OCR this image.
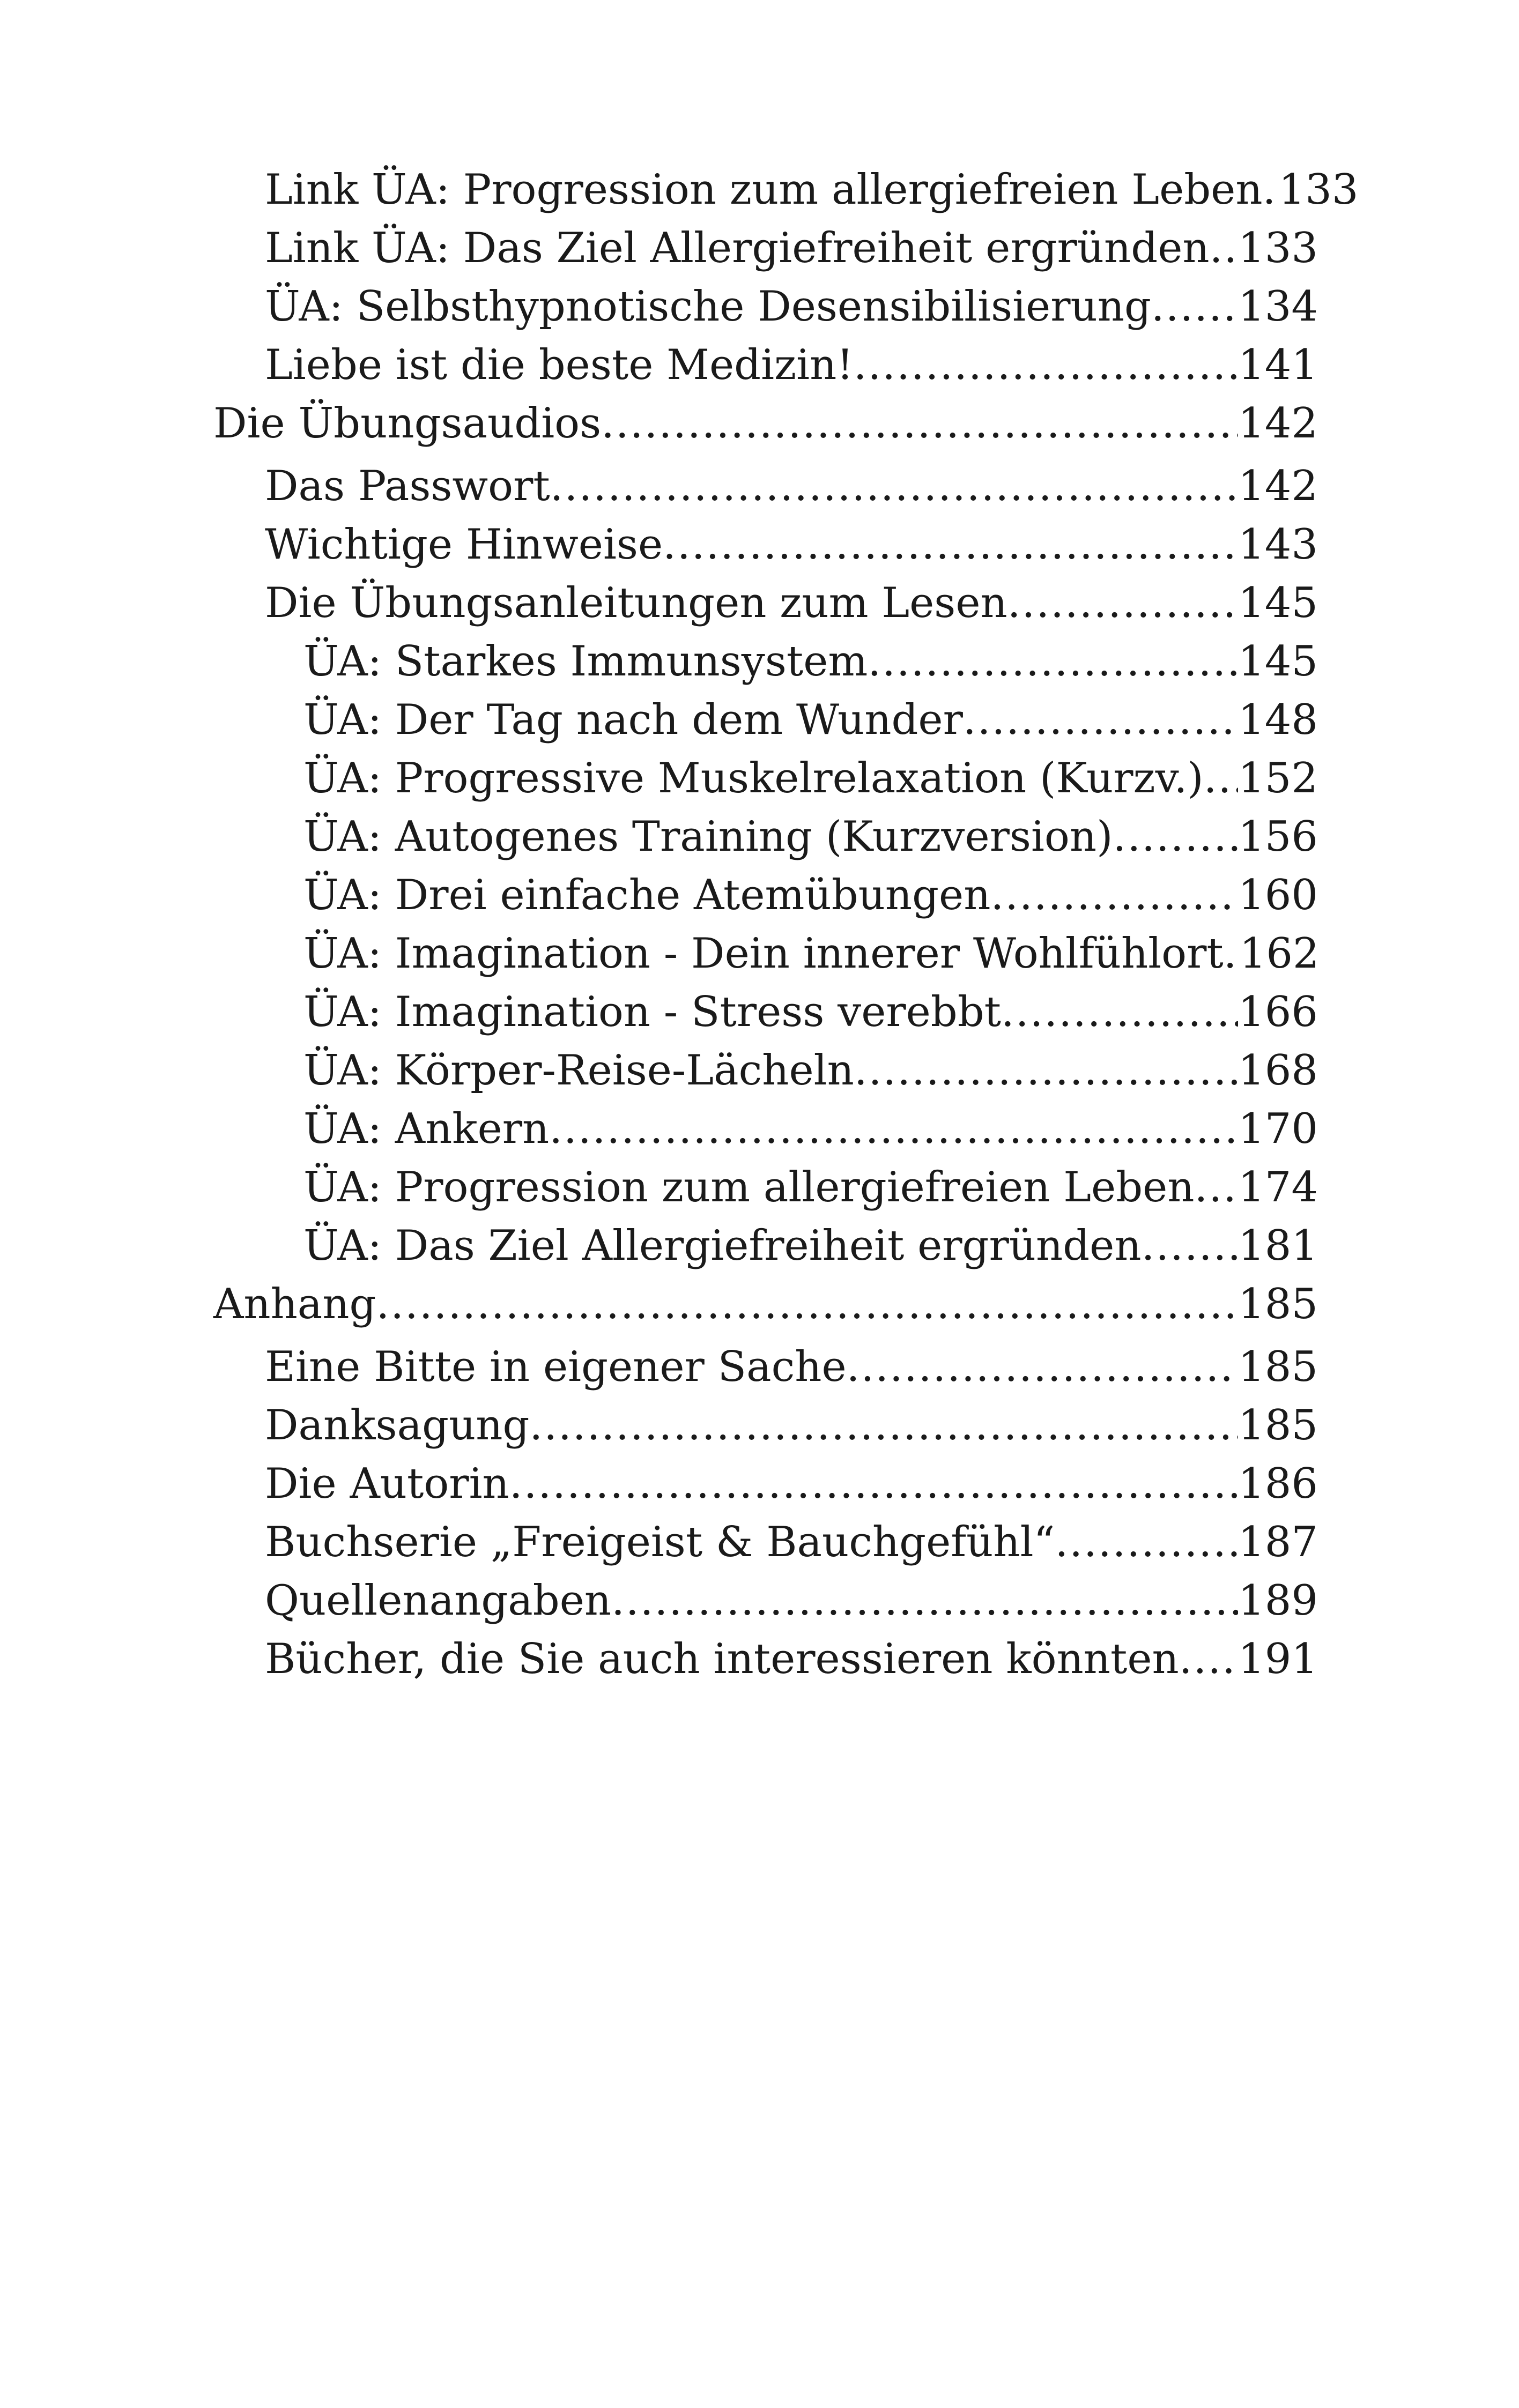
Link ÜA: Progression zum allergiefreien Leben ..... 133
Link ÜA: Das Ziel Allergiefreiheit ergründen ..... 133
ÜA: Selbsthypnotische Desensibilisierung ..... 134
Liebe ist die beste Medizin! .....	141
Die Übungsaudios .....	142
Das Passwort .....	142
Wichtige Hinweise .....	143
Die Übungsanleitungen zum Lesen .....	145
ÜA: Starkes Immunsystem .....	145
ÜA: Der Tag nach dem Wunder .....	148
ÜA: Progressive Muskelrelaxation (Kurzv.) ..... 152
ÜA: Autogenes Training (Kurzversion) .....	156
ÜA: Drei einfache Atemübungen .....	160
ÜA: Imagination - Dein innerer Wohlfühlort ..... 162
ÜA: Imagination - Stress verebbt .....	166
ÜA: Körper-Reise-Lächeln .....	168
ÜA: Ankern .....	170
ÜA: Progression zum allergiefreien Leben ..... 174
ÜA: Das Ziel Allergiefreiheit ergründen ..... 181
Anhang .....	185
Eine Bitte in eigener Sache .....	185
Danksagung .....	185
Die Autorin .....	186
Buchserie „Freigeist & Bauchgefühl“ .....	187
Quellenangaben .....	189
Bücher, die Sie auch interessieren könnten ..... 191
